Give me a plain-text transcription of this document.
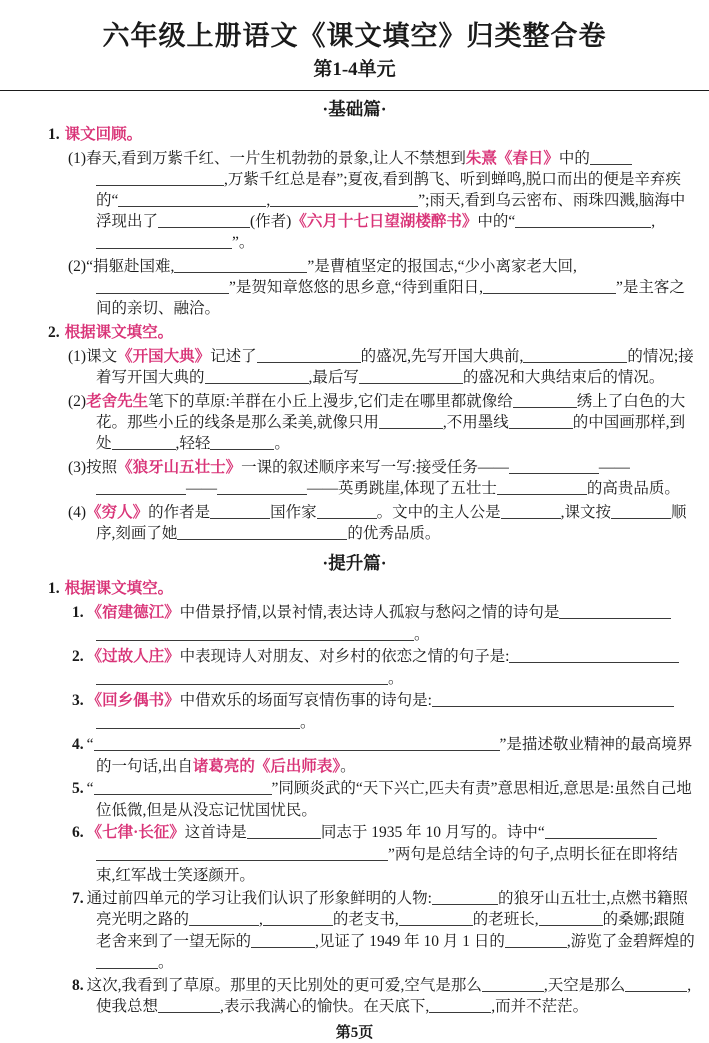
六年级上册语文《课文填空》归类整合卷
第1-4单元
·基础篇·
1. 课文回顾。
(1)春天,看到万紫千红、一片生机勃勃的景象,让人不禁想到朱熹《春日》中的,万紫千红总是春”;夏夜,看到鹊飞、听到蝉鸣,脱口而出的便是辛弃疾的“	,	”;雨天,看到乌云密布、雨珠四溅,脑海中浮现出了	(作者)《六月十七日望湖楼醉书》中的“	,”。
(2)“捐躯赴国难,	”是曹植坚定的报国志,“少小离家老大回,”是贺知章悠悠的思乡意,“待到重阳日,	”是主客之间的亲切、融洽。
2. 根据课文填空。
(1)课文《开国大典》记述了	的盛况,先写开国大典前,	的情况;接着写开国大典的	,最后写	的盛况和大典结束后的情况。
(2)老舍先生笔下的草原:羊群在小丘上漫步,它们走在哪里都就像给	绣上了白色的大花。那些小丘的线条是那么柔美,就像只用	,不用墨线	的中国画那样,到处	,轻轻	。
(3)按照《狼牙山五壮士》一课的叙述顺序来写一写:接受任务——	————	——英勇跳崖,体现了五壮士	的高贵品质。
(4)《穷人》的作者是	国作家	。文中的主人公是	,课文按	顺序,刻画了她	的优秀品质。
·提升篇·
1. 根据课文填空。
1. 《宿建德江》中借景抒情,以景衬情,表达诗人孤寂与愁闷之情的诗句是。
2. 《过故人庄》中表现诗人对朋友、对乡村的依恋之情的句子是:。
3. 《回乡偶书》中借欢乐的场面写哀情伤事的诗句是:。
4. “	”是描述敬业精神的最高境界的一句话,出自诸葛亮的《后出师表》。
5. “	”同顾炎武的“天下兴亡,匹夫有责”意思相近,意思是:虽然自己地位低微,但是从没忘记忧国忧民。
6. 《七律·长征》这首诗是	同志于 1935 年 10 月写的。诗中“”两句是总结全诗的句子,点明长征在即将结束,红军战士笑逐颜开。
7. 通过前四单元的学习让我们认识了形象鲜明的人物:	的狼牙山五壮士,点燃书籍照亮光明之路的	,	的老支书,	的老班长,	的桑娜;跟随老舍来到了一望无际的	,见证了 1949 年 10 月 1 日的	,游览了金碧辉煌的。
8. 这次,我看到了草原。那里的天比别处的更可爱,空气是那么	,天空是那么	,使我总想	,表示我满心的愉快。在天底下,	,而并不茫茫。
第5页
